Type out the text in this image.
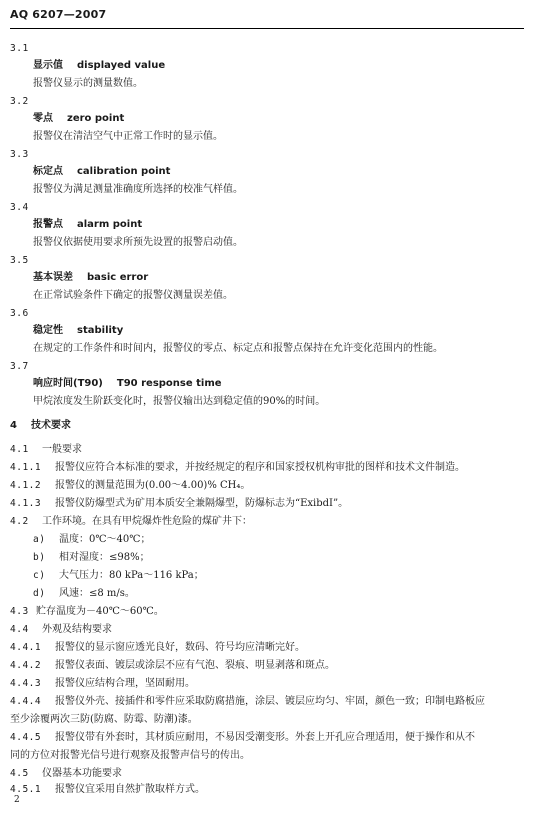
AQ 6207—2007
3.1
显示值 displayed value
报警仪显示的测量数值。
3.2
零点 zero point
报警仪在清洁空气中正常工作时的显示值。
3.3
标定点 calibration point
报警仪为满足测量准确度所选择的校准气样值。
3.4
报警点 alarm point
报警仪依据使用要求所预先设置的报警启动值。
3.5
基本误差 basic error
在正常试验条件下确定的报警仪测量误差值。
3.6
稳定性 stability
在规定的工作条件和时间内，报警仪的零点、标定点和报警点保持在允许变化范围内的性能。
3.7
响应时间(T90) T90 response time
甲烷浓度发生阶跃变化时，报警仪输出达到稳定值的90%的时间。
4 技术要求
4.1 一般要求
4.1.1 报警仪应符合本标准的要求，并按经规定的程序和国家授权机构审批的图样和技术文件制造。
4.1.2 报警仪的测量范围为(0.00～4.00)% CH₄。
4.1.3 报警仪防爆型式为矿用本质安全兼隔爆型，防爆标志为“ExibdI”。
4.2 工作环境。在具有甲烷爆炸性危险的煤矿井下：
a) 温度：0℃～40℃；
b) 相对湿度：≤98%；
c) 大气压力：80 kPa～116 kPa；
d) 风速：≤8 m/s。
4.3 贮存温度为－40℃～60℃。
4.4 外观及结构要求
4.4.1 报警仪的显示窗应透光良好，数码、符号均应清晰完好。
4.4.2 报警仪表面、镀层或涂层不应有气泡、裂痕、明显剥落和斑点。
4.4.3 报警仪应结构合理，坚固耐用。
4.4.4 报警仪外壳、接插件和零件应采取防腐措施，涂层、镀层应均匀、牢固，颜色一致；印制电路板应
至少涂覆两次三防(防腐、防霉、防潮)漆。
4.4.5 报警仪带有外套时，其材质应耐用，不易因受潮变形。外套上开孔应合理适用，便于操作和从不
同的方位对报警光信号进行观察及报警声信号的传出。
4.5 仪器基本功能要求
4.5.1 报警仪宜采用自然扩散取样方式。
2
